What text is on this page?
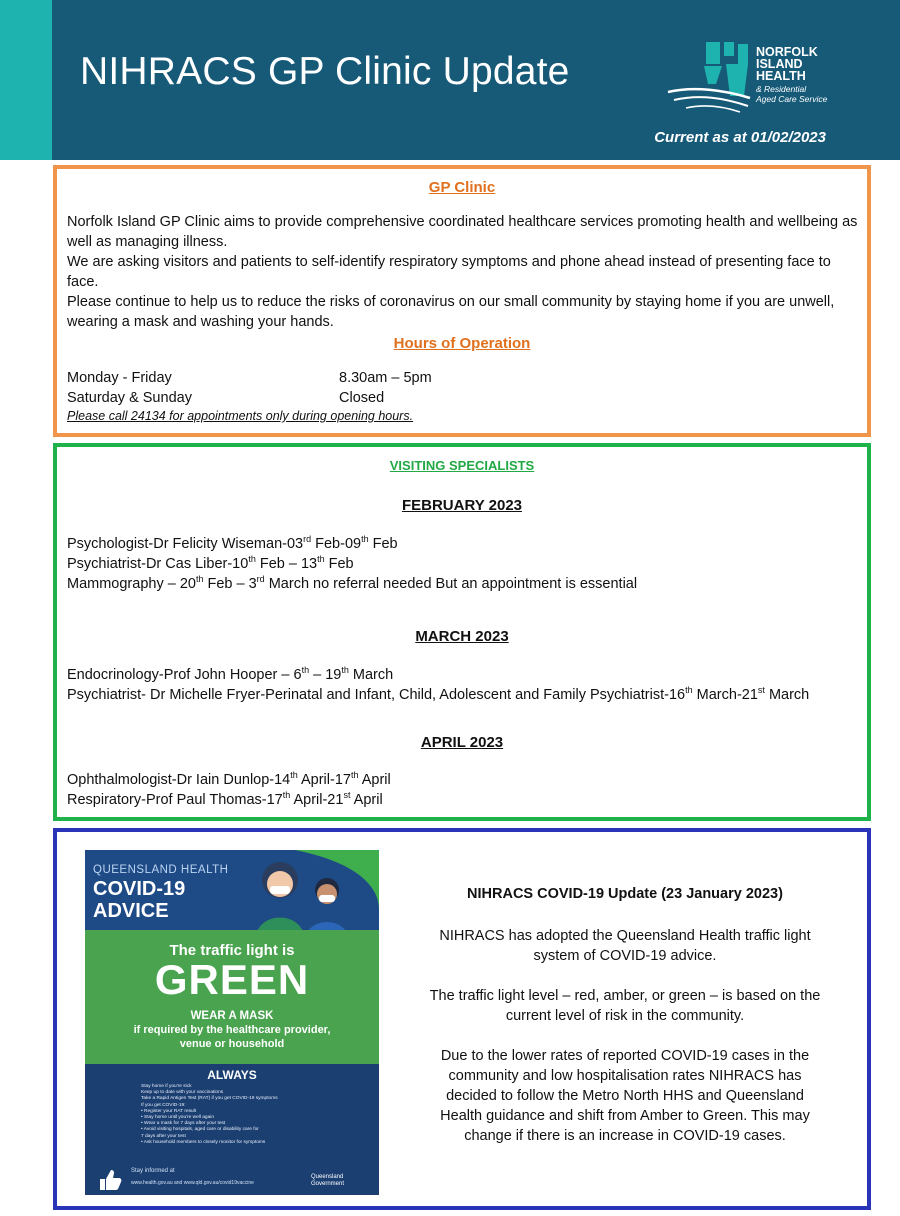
NIHRACS GP Clinic Update	NORFOLK
ISLAND
HEALTH
& Residential
Aged Care Service
Current as at 01/02/2023
GP Clinic
Norfolk Island GP Clinic aims to provide comprehensive coordinated healthcare services promoting health and wellbeing as well as managing illness.
We are asking visitors and patients to self-identify respiratory symptoms and phone ahead instead of presenting face to face.
Please continue to help us to reduce the risks of coronavirus on our small community by staying home if you are unwell, wearing a mask and washing your hands.
Hours of Operation
Monday - Friday	8.30am – 5pm
Saturday & Sunday	Closed
Please call 24134 for appointments only during opening hours.
VISITING SPECIALISTS
FEBRUARY 2023
Psychologist-Dr Felicity Wiseman-03rd Feb-09th Feb
Psychiatrist-Dr Cas Liber-10th Feb – 13th Feb
Mammography – 20th Feb – 3rd March no referral needed But an appointment is essential
MARCH 2023
Endocrinology-Prof John Hooper – 6th – 19th March
Psychiatrist- Dr Michelle Fryer-Perinatal and Infant, Child, Adolescent and Family Psychiatrist-16th March-21st March
APRIL 2023
Ophthalmologist-Dr Iain Dunlop-14th April-17th April
Respiratory-Prof Paul Thomas-17th April-21st April
QUEENSLAND HEALTH
COVID-19
ADVICE
The traffic light is
GREEN
WEAR A MASK
if required by the healthcare provider,
venue or household
ALWAYS
Stay home if you're sick
Keep up to date with your vaccinations
Take a Rapid Antigen Test (RAT) if you get COVID-19 symptoms
If you get COVID-19:
• Register your RAT result
• Stay home until you're well again
• Wear a mask for 7 days after your test
• Avoid visiting hospitals, aged care or disability care for
7 days after your test
• Ask household members to closely monitor for symptoms
Stay informed at
www.health.gov.au and www.qld.gov.au/covid19vaccine
Queensland
Government
NIHRACS COVID-19 Update (23 January 2023)
NIHRACS has adopted the Queensland Health traffic light system of COVID-19 advice.
The traffic light level – red, amber, or green – is based on the current level of risk in the community.
Due to the lower rates of reported COVID-19 cases in the community and low hospitalisation rates NIHRACS has decided to follow the Metro North HHS and Queensland Health guidance and shift from Amber to Green. This may change if there is an increase in COVID-19 cases.
